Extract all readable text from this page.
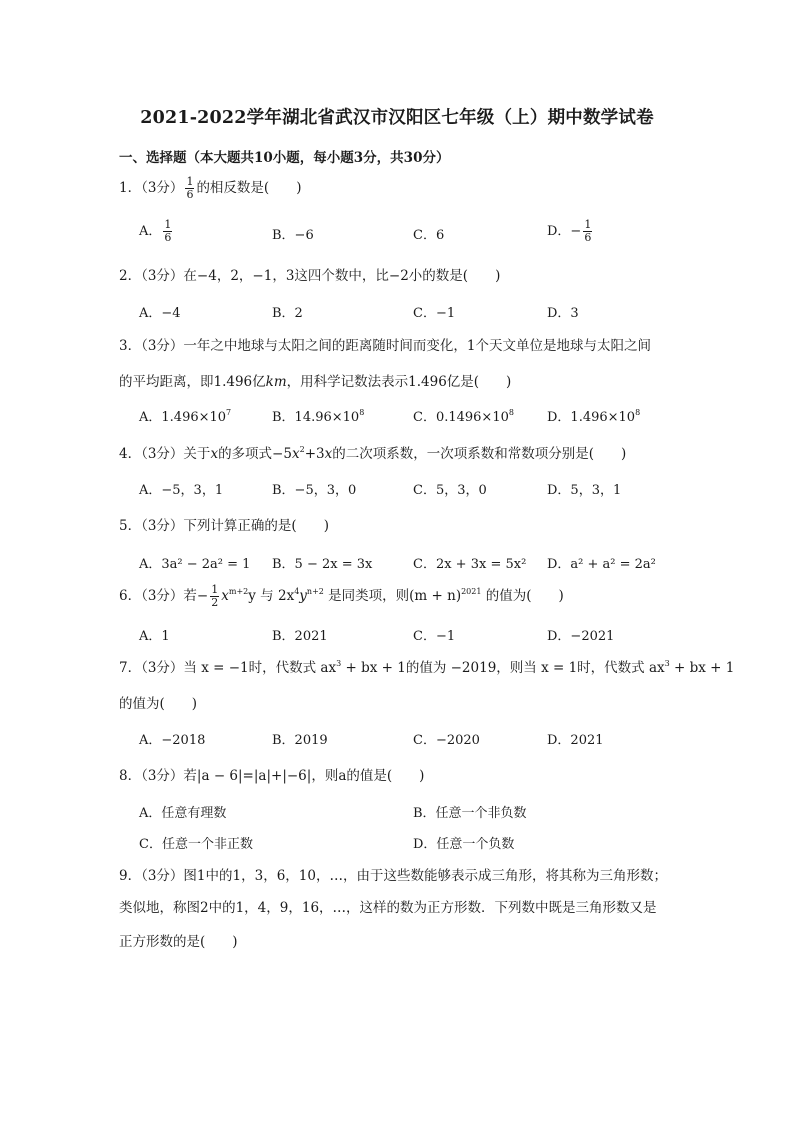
2021-2022学年湖北省武汉市汉阳区七年级（上）期中数学试卷
一、选择题（本大题共10小题，每小题3分，共30分）
1．（3分） $\frac{1}{6}$ 的相反数是(　　)
A． $\frac{1}{6}$	B．−6	C．6	D．− $\frac{1}{6}$
2．（3分）在−4，2，−1，3这四个数中，比−2小的数是(　　)
A．−4	B．2	C．−1	D．3
3．（3分）一年之中地球与太阳之间的距离随时间而变化，1个天文单位是地球与太阳之间
的平均距离，即1.496亿km，用科学记数法表示1.496亿是(　　)
A．$1.496\times 10^7$	B．$14.96\times 10^8$	C．$0.1496\times 10^8$	D．$1.496\times 10^8$
4．（3分）关于x的多项式$-5x^2+3x$的二次项系数，一次项系数和常数项分别是(　　)
A．−5，3，1	B．−5，3，0	C．5，3，0	D．5，3，1
5．（3分）下列计算正确的是(　　)
A．3a² − 2a² = 1 B．5 − 2x = 3x	C．2x + 3x = 5x² D．a² + a² = 2a²
6．（3分）若− $\frac{1}{2} x^{m+2}y$ 与 $2x^4y^{n+2}$ 是同类项，则$(m + n)^{2021}$ 的值为(　　)
A．1	B．2021	C．−1	D．−2021
7．（3分）当 x = −1时，代数式 $ax^3$ + bx + 1的值为 −2019，则当 x = 1时，代数式 $ax^3$ + bx + 1
的值为(　　)
A．−2018	B．2019	C．−2020	D．2021
8．（3分）若|a − 6|=|a|+|−6|，则a的值是(　　)
A．任意有理数	B．任意一个非负数
C．任意一个非正数	D．任意一个负数
9．（3分）图1中的1，3，6，10，…，由于这些数能够表示成三角形，将其称为三角形数；
类似地，称图2中的1，4，9，16，…，这样的数为正方形数．下列数中既是三角形数又是
正方形数的是(　　)
